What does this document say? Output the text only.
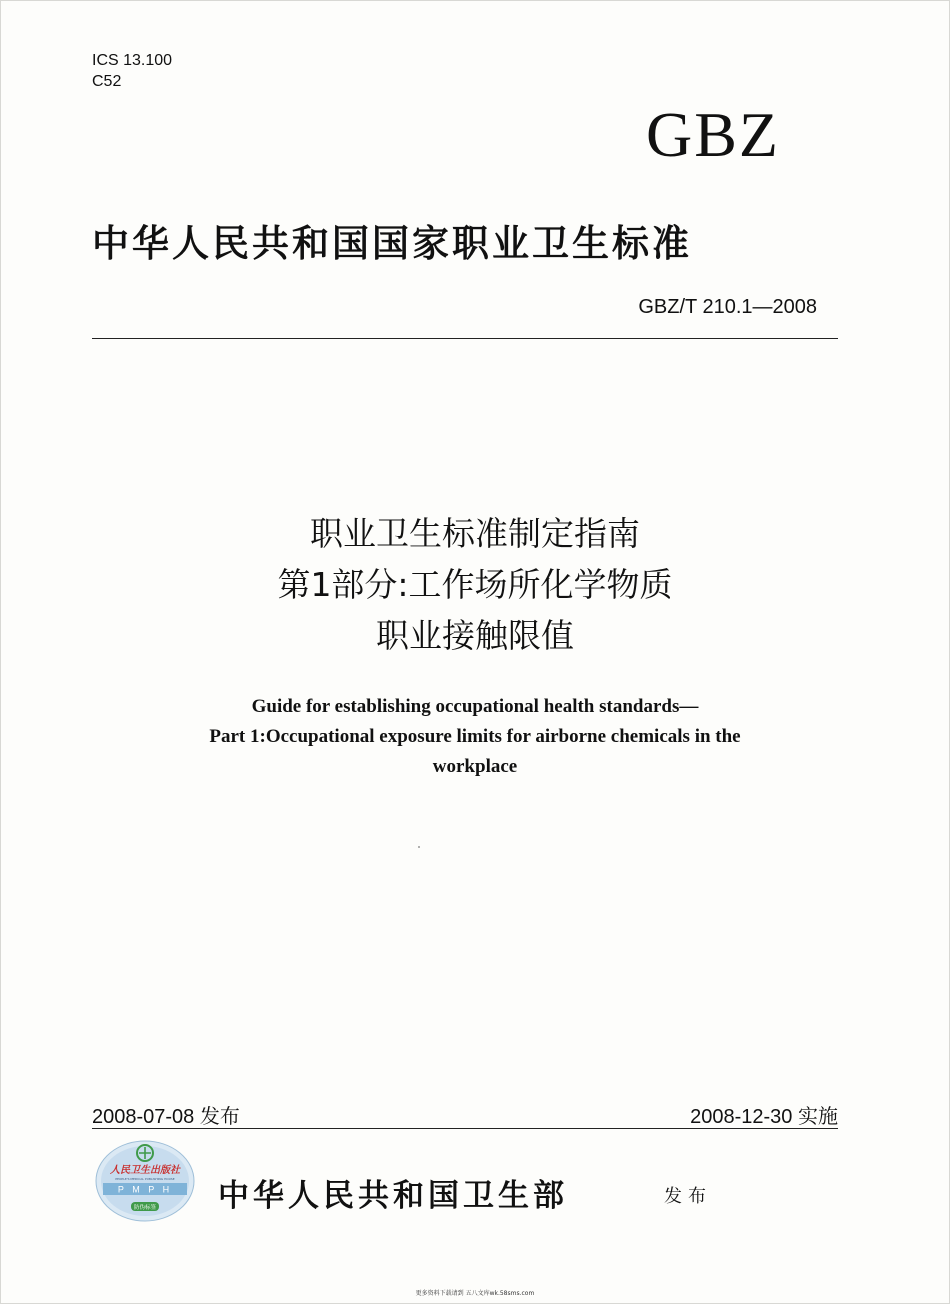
ICS 13.100
C52
GBZ
中华人民共和国国家职业卫生标准
GBZ/T 210.1—2008
职业卫生标准制定指南
第1部分:工作场所化学物质
职业接触限值
Guide for establishing occupational health standards—
Part 1:Occupational exposure limits for airborne chemicals in the
workplace
2008-07-08 发布	2008-12-30 实施
人民卫生出版社
PEOPLE'S MEDICAL PUBLISHING HOUSE
P M P H
防伪标签 中华人民共和国卫生部	发布
更多资料下载请到 五八文库wk.58sms.com
